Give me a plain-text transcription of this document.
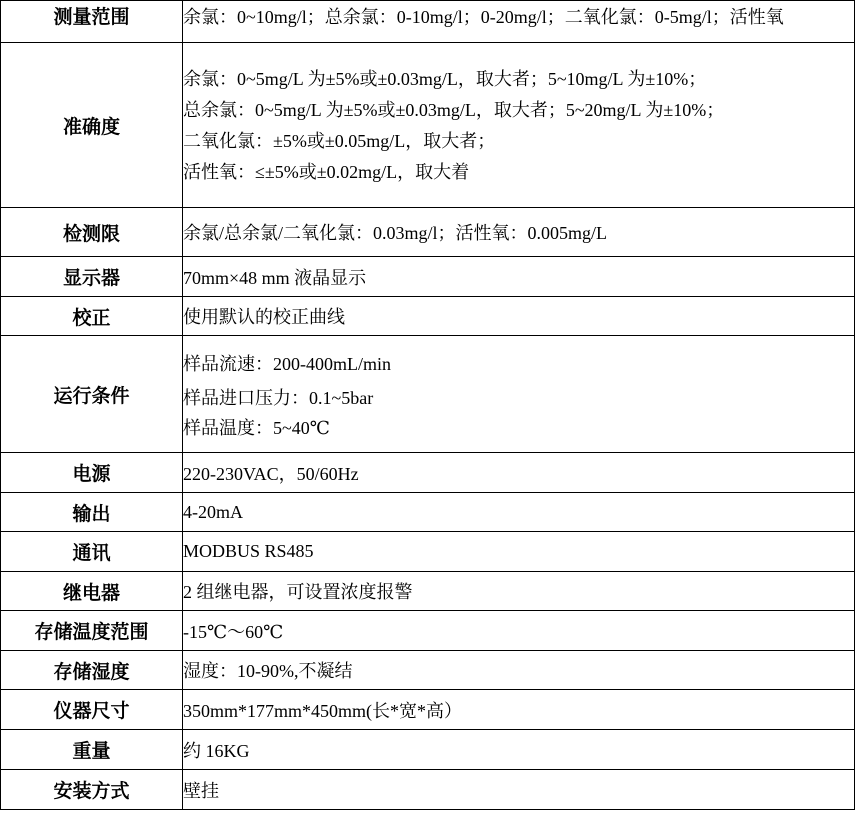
测量范围	余氯：0~10mg/l；总余氯：0-10mg/l；0-20mg/l；二氧化氯：0-5mg/l；活性氧

准确度	余氯：0~5mg/L 为±5%或±0.03mg/L，取大者；5~10mg/L 为±10%；
总余氯：0~5mg/L 为±5%或±0.03mg/L，取大者；5~20mg/L 为±10%；
二氧化氯：±5%或±0.05mg/L，取大者；
活性氧：≤±5%或±0.02mg/L，取大着

检测限	余氯/总余氯/二氧化氯：0.03mg/l；活性氧：0.005mg/L
显示器	70mm×48 mm 液晶显示
校正	使用默认的校正曲线
运行条件	样品流速：200-400mL/min
样品进口压力：0.1~5bar
样品温度：5~40℃

电源	220-230VAC，50/60Hz
输出	4-20mA
通讯	MODBUS RS485
继电器	2 组继电器，可设置浓度报警
存储温度范围	-15℃～60℃
存储湿度	湿度：10-90%,不凝结
仪器尺寸	350mm*177mm*450mm(长*宽*高）
重量	约 16KG
安装方式	壁挂
